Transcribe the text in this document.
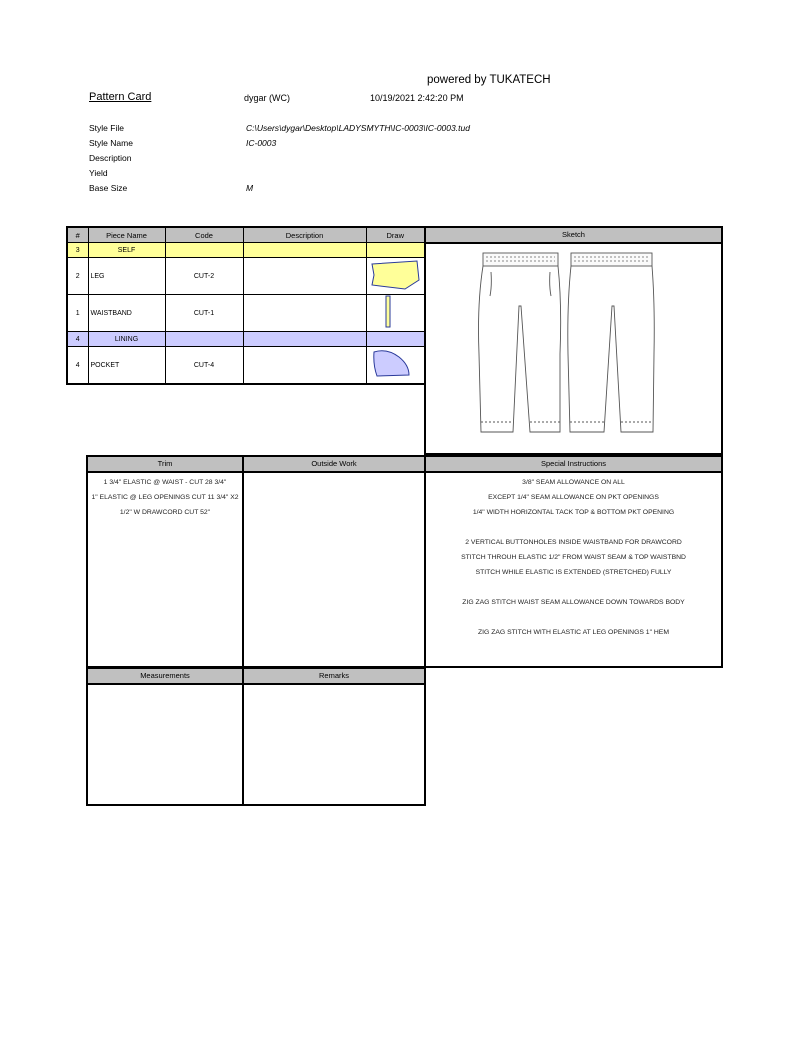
powered by TUKATECH
Pattern Card	dygar (WC)	10/19/2021 2:42:20 PM
Style File	C:\Users\dygar\Desktop\LADYSMYTH\IC-0003\IC-0003.tud
Style Name	IC-0003
Description
Yield
Base Size	M
#	Piece Name	Code	Description	Draw
3	SELF			
2	LEG	CUT-2		
1	WAISTBAND	CUT-1		
4	LINING			
4	POCKET	CUT-4		
Sketch
Trim
1 3/4" ELASTIC @ WAIST - CUT 28 3/4"
1" ELASTIC @ LEG OPENINGS CUT 11 3/4" X2
1/2" W DRAWCORD CUT 52"
Outside Work	Special Instructions
3/8" SEAM ALLOWANCE ON ALL
EXCEPT 1/4" SEAM ALLOWANCE ON PKT OPENINGS
1/4" WIDTH HORIZONTAL TACK TOP & BOTTOM PKT OPENING
2 VERTICAL BUTTONHOLES INSIDE WAISTBAND FOR DRAWCORD
STITCH THROUH ELASTIC 1/2" FROM WAIST SEAM & TOP WAISTBND
STITCH WHILE ELASTIC IS EXTENDED (STRETCHED) FULLY
ZIG ZAG STITCH WAIST SEAM ALLOWANCE DOWN TOWARDS BODY
ZIG ZAG STITCH WITH ELASTIC AT LEG OPENINGS 1" HEM
Measurements	Remarks
